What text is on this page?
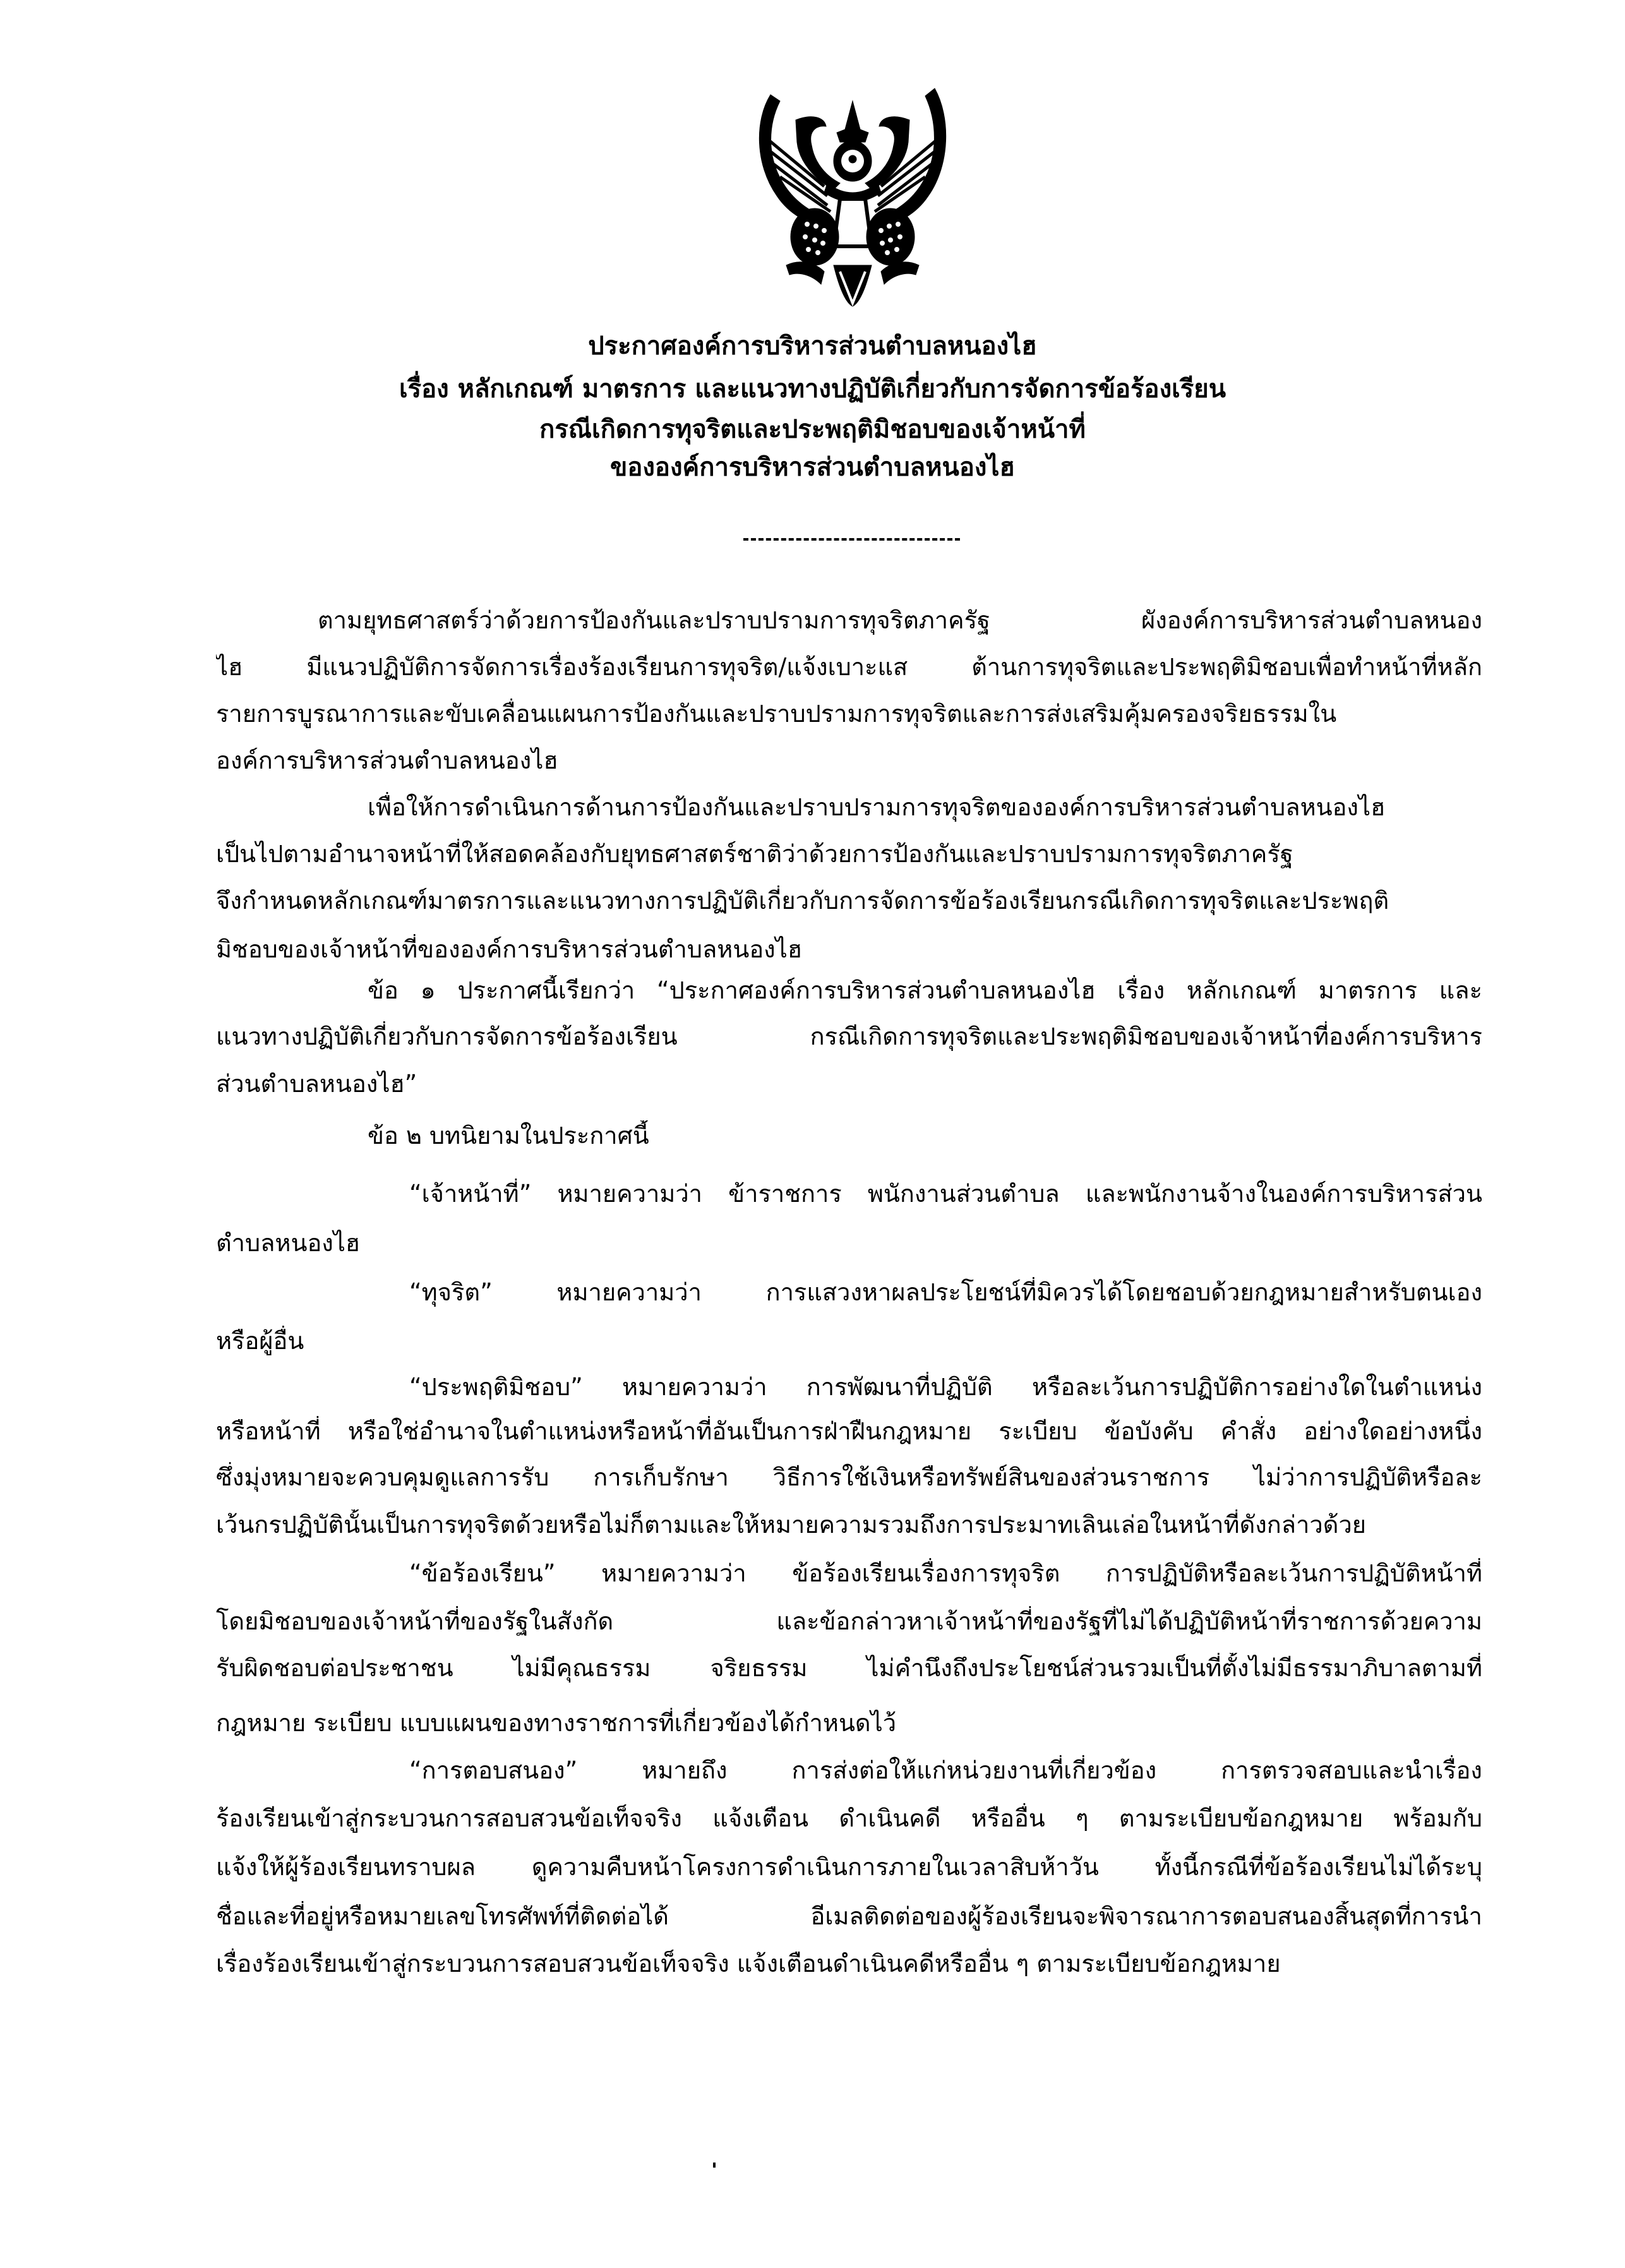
ประกาศองค์การบริหารส่วนตำบลหนองไฮ
เรื่อง หลักเกณฑ์ มาตรการ และแนวทางปฏิบัติเกี่ยวกับการจัดการข้อร้องเรียน
กรณีเกิดการทุจริตและประพฤติมิชอบของเจ้าหน้าที่
ขององค์การบริหารส่วนตำบลหนองไฮ
ตามยุทธศาสตร์ว่าด้วยการป้องกันและปราบปรามการทุจริตภาครัฐ ผังองค์การบริหารส่วนตำบลหนอง
ไฮ มีแนวปฏิบัติการจัดการเรื่องร้องเรียนการทุจริต/แจ้งเบาะแส ต้านการทุจริตและประพฤติมิชอบเพื่อทำหน้าที่หลัก
รายการบูรณาการและขับเคลื่อนแผนการป้องกันและปราบปรามการทุจริตและการส่งเสริมคุ้มครองจริยธรรมใน
องค์การบริหารส่วนตำบลหนองไฮ
เพื่อให้การดำเนินการด้านการป้องกันและปราบปรามการทุจริตขององค์การบริหารส่วนตำบลหนองไฮ
เป็นไปตามอำนาจหน้าที่ให้สอดคล้องกับยุทธศาสตร์ชาติว่าด้วยการป้องกันและปราบปรามการทุจริตภาครัฐ
จึงกำหนดหลักเกณฑ์มาตรการและแนวทางการปฏิบัติเกี่ยวกับการจัดการข้อร้องเรียนกรณีเกิดการทุจริตและประพฤติ
มิชอบของเจ้าหน้าที่ขององค์การบริหารส่วนตำบลหนองไฮ
ข้อ ๑ ประกาศนี้เรียกว่า “ประกาศองค์การบริหารส่วนตำบลหนองไฮ เรื่อง หลักเกณฑ์ มาตรการ และ
แนวทางปฏิบัติเกี่ยวกับการจัดการข้อร้องเรียน กรณีเกิดการทุจริตและประพฤติมิชอบของเจ้าหน้าที่องค์การบริหาร
ส่วนตำบลหนองไฮ”
ข้อ ๒ บทนิยามในประกาศนี้
“เจ้าหน้าที่” หมายความว่า ข้าราชการ พนักงานส่วนตำบล และพนักงานจ้างในองค์การบริหารส่วน
ตำบลหนองไฮ
“ทุจริต” หมายความว่า การแสวงหาผลประโยชน์ที่มิควรได้โดยชอบด้วยกฎหมายสำหรับตนเอง
หรือผู้อื่น
“ประพฤติมิชอบ” หมายความว่า การพัฒนาที่ปฏิบัติ หรือละเว้นการปฏิบัติการอย่างใดในตำแหน่ง
หรือหน้าที่ หรือใช่อำนาจในตำแหน่งหรือหน้าที่อันเป็นการฝ่าฝืนกฎหมาย ระเบียบ ข้อบังคับ คำสั่ง อย่างใดอย่างหนึ่ง
ซึ่งมุ่งหมายจะควบคุมดูแลการรับ การเก็บรักษา วิธีการใช้เงินหรือทรัพย์สินของส่วนราชการ ไม่ว่าการปฏิบัติหรือละ
เว้นกรปฏิบัตินั้นเป็นการทุจริตด้วยหรือไม่ก็ตามและให้หมายความรวมถึงการประมาทเลินเล่อในหน้าที่ดังกล่าวด้วย
“ข้อร้องเรียน” หมายความว่า ข้อร้องเรียนเรื่องการทุจริต การปฏิบัติหรือละเว้นการปฏิบัติหน้าที่
โดยมิชอบของเจ้าหน้าที่ของรัฐในสังกัด และข้อกล่าวหาเจ้าหน้าที่ของรัฐที่ไม่ได้ปฏิบัติหน้าที่ราชการด้วยความ
รับผิดชอบต่อประชาชน ไม่มีคุณธรรม จริยธรรม ไม่คำนึงถึงประโยชน์ส่วนรวมเป็นที่ตั้งไม่มีธรรมาภิบาลตามที่
กฎหมาย ระเบียบ แบบแผนของทางราชการที่เกี่ยวข้องได้กำหนดไว้
“การตอบสนอง” หมายถึง การส่งต่อให้แก่หน่วยงานที่เกี่ยวข้อง การตรวจสอบและนำเรื่อง
ร้องเรียนเข้าสู่กระบวนการสอบสวนข้อเท็จจริง แจ้งเตือน ดำเนินคดี หรืออื่น ๆ ตามระเบียบข้อกฎหมาย พร้อมกับ
แจ้งให้ผู้ร้องเรียนทราบผล ดูความคืบหน้าโครงการดำเนินการภายในเวลาสิบห้าวัน ทั้งนี้กรณีที่ข้อร้องเรียนไม่ได้ระบุ
ชื่อและที่อยู่หรือหมายเลขโทรศัพท์ที่ติดต่อได้ อีเมลติดต่อของผู้ร้องเรียนจะพิจารณาการตอบสนองสิ้นสุดที่การนำ
เรื่องร้องเรียนเข้าสู่กระบวนการสอบสวนข้อเท็จจริง แจ้งเตือนดำเนินคดีหรืออื่น ๆ ตามระเบียบข้อกฎหมาย
